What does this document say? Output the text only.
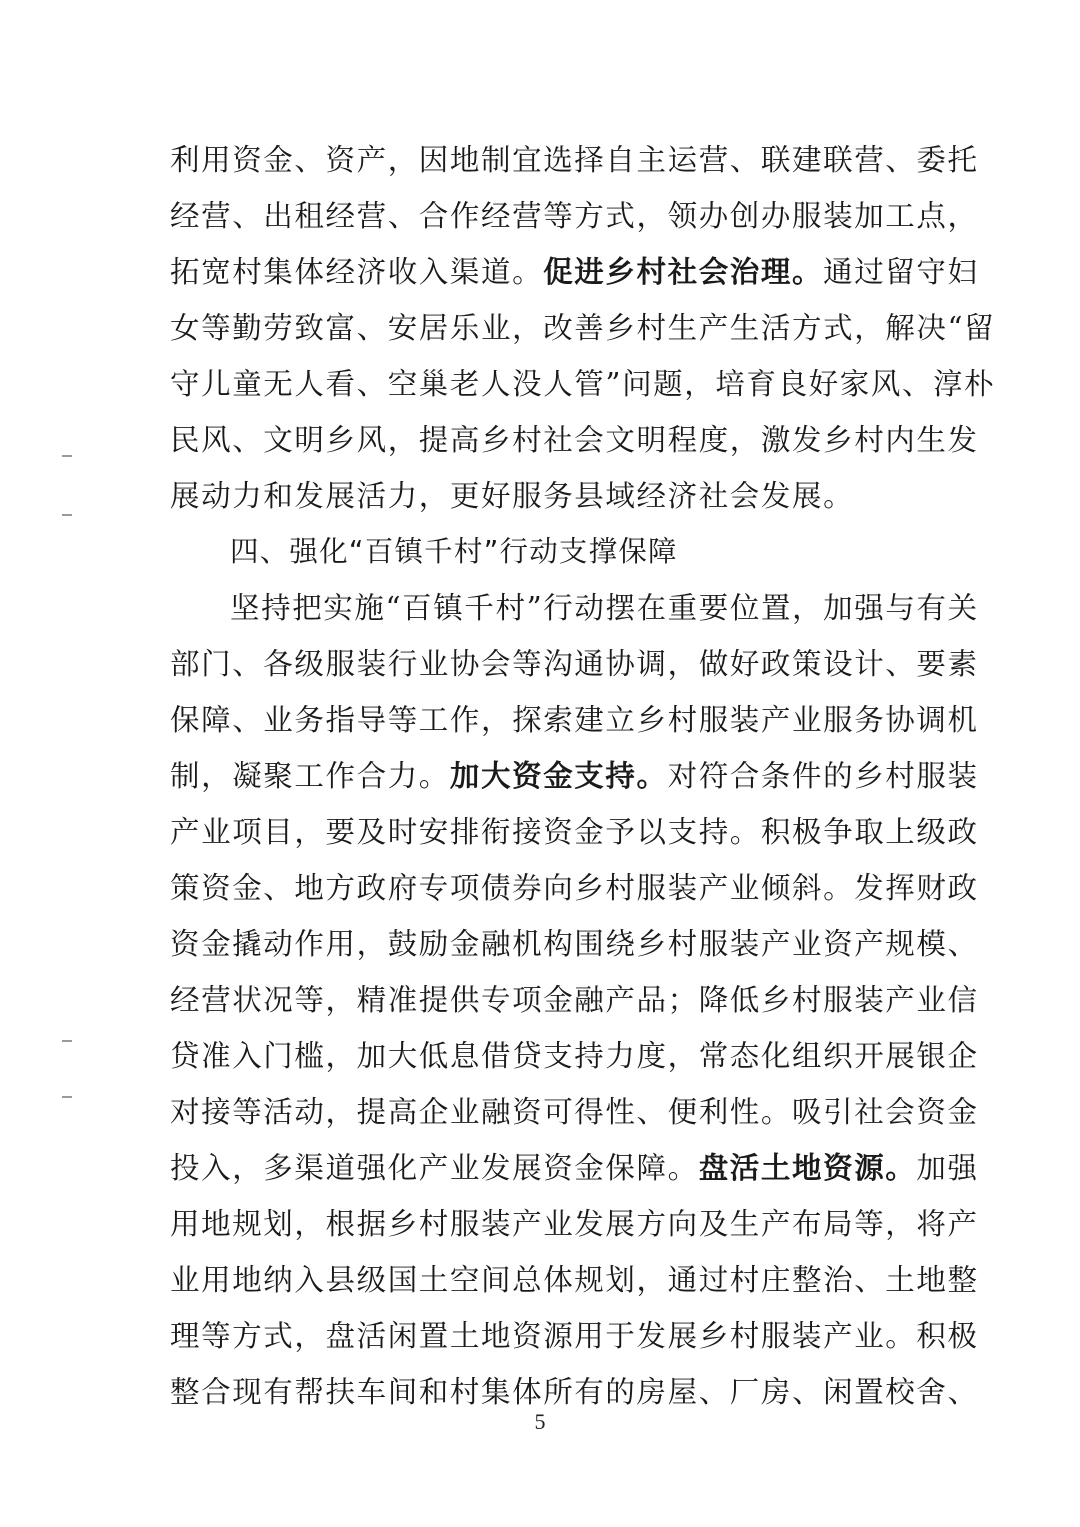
利用资金、资产，因地制宜选择自主运营、联建联营、委托
经营、出租经营、合作经营等方式，领办创办服装加工点，
拓宽村集体经济收入渠道。促进乡村社会治理。通过留守妇
女等勤劳致富、安居乐业，改善乡村生产生活方式，解决“留
守儿童无人看、空巢老人没人管”问题，培育良好家风、淳朴
民风、文明乡风，提高乡村社会文明程度，激发乡村内生发
展动力和发展活力，更好服务县域经济社会发展。
四、强化“百镇千村”行动支撑保障
坚持把实施“百镇千村”行动摆在重要位置，加强与有关
部门、各级服装行业协会等沟通协调，做好政策设计、要素
保障、业务指导等工作，探索建立乡村服装产业服务协调机
制，凝聚工作合力。加大资金支持。对符合条件的乡村服装
产业项目，要及时安排衔接资金予以支持。积极争取上级政
策资金、地方政府专项债券向乡村服装产业倾斜。发挥财政
资金撬动作用，鼓励金融机构围绕乡村服装产业资产规模、
经营状况等，精准提供专项金融产品；降低乡村服装产业信
贷准入门槛，加大低息借贷支持力度，常态化组织开展银企
对接等活动，提高企业融资可得性、便利性。吸引社会资金
投入，多渠道强化产业发展资金保障。盘活土地资源。加强
用地规划，根据乡村服装产业发展方向及生产布局等，将产
业用地纳入县级国土空间总体规划，通过村庄整治、土地整
理等方式，盘活闲置土地资源用于发展乡村服装产业。积极
整合现有帮扶车间和村集体所有的房屋、厂房、闲置校舍、
5
